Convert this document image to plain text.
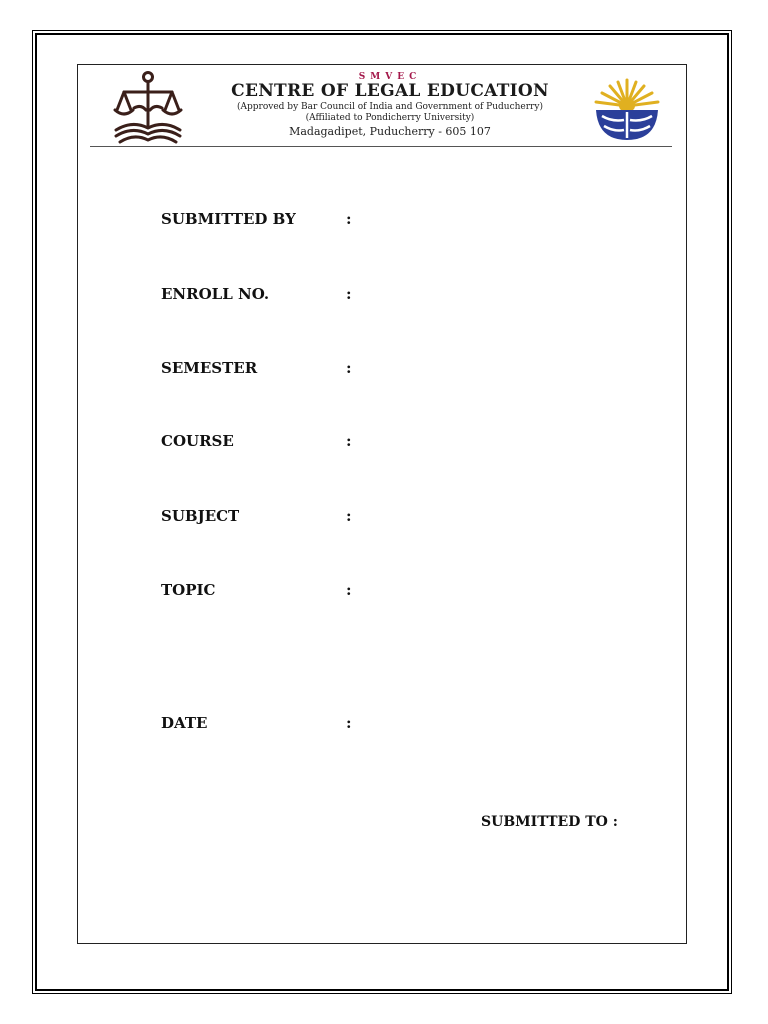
SMVEC
CENTRE OF LEGAL EDUCATION
(Approved by Bar Council of India and Government of Puducherry)
(Affiliated to Pondicherry University)
Madagadipet, Puducherry - 605 107
SUBMITTED BY	:
ENROLL NO.	:
SEMESTER	:
COURSE	:
SUBJECT	:
TOPIC	:
DATE	:
SUBMITTED TO :
